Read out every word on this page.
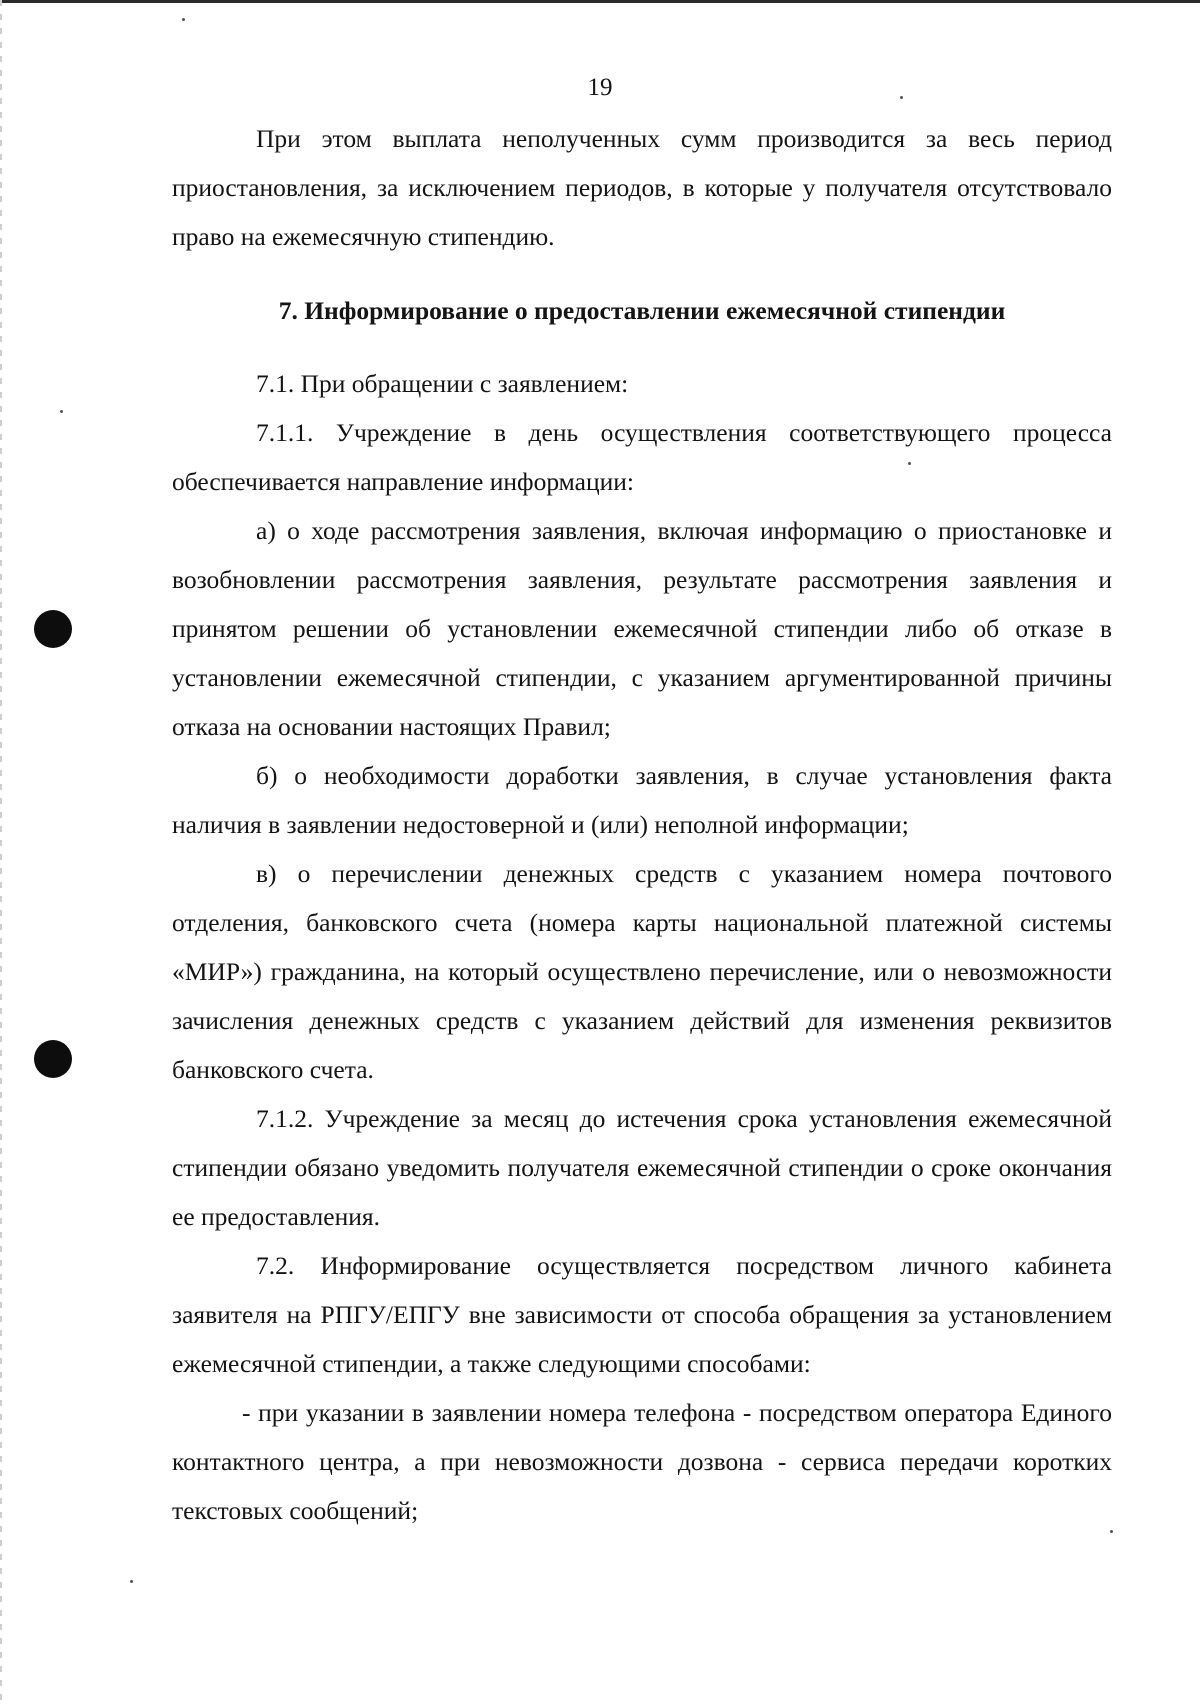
19

При этом выплата неполученных сумм производится за весь период приостановления, за исключением периодов, в которые у получателя отсутствовало право на ежемесячную стипендию.

7. Информирование о предоставлении ежемесячной стипендии

7.1. При обращении с заявлением:

7.1.1. Учреждение в день осуществления соответствующего процесса обеспечивается направление информации:

а) о ходе рассмотрения заявления, включая информацию о приостановке и возобновлении рассмотрения заявления, результате рассмотрения заявления и принятом решении об установлении ежемесячной стипендии либо об отказе в установлении ежемесячной стипендии, с указанием аргументированной причины отказа на основании настоящих Правил;

б) о необходимости доработки заявления, в случае установления факта наличия в заявлении недостоверной и (или) неполной информации;

в) о перечислении денежных средств с указанием номера почтового отделения, банковского счета (номера карты национальной платежной системы «МИР») гражданина, на который осуществлено перечисление, или о невозможности зачисления денежных средств с указанием действий для изменения реквизитов банковского счета.

7.1.2. Учреждение за месяц до истечения срока установления ежемесячной стипендии обязано уведомить получателя ежемесячной стипендии о сроке окончания ее предоставления.

7.2. Информирование осуществляется посредством личного кабинета заявителя на РПГУ/ЕПГУ вне зависимости от способа обращения за установлением ежемесячной стипендии, а также следующими способами:

- при указании в заявлении номера телефона - посредством оператора Единого контактного центра, а при невозможности дозвона - сервиса передачи коротких текстовых сообщений;
